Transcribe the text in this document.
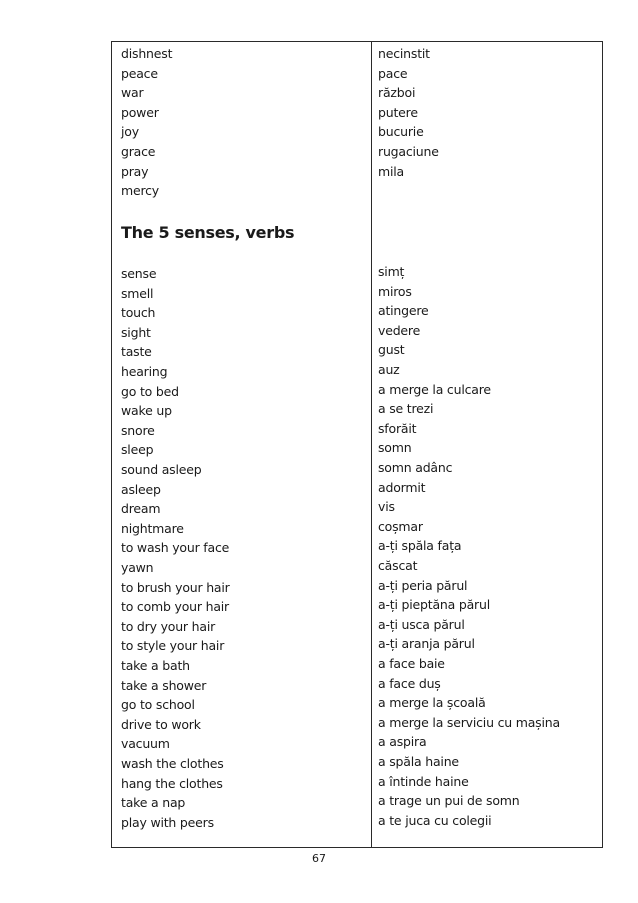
dishnest
peace
war
power
joy
grace
pray
mercy
sense
smell
touch
sight
taste
hearing
go to bed
wake up
snore
sleep
sound asleep
asleep
dream
nightmare
to wash your face
yawn
to brush your hair
to comb your hair
to dry your hair
to style your hair
take a bath
take a shower
go to school
drive to work
vacuum
wash the clothes
hang the clothes
take a nap
play with peers
necinstit
pace
război
putere
bucurie
rugaciune
mila
simț
miros
atingere
vedere
gust
auz
a merge la culcare
a se trezi
sforăit
somn
somn adânc
adormit
vis
coșmar
a-ți spăla fața
căscat
a-ți peria părul
a-ți pieptăna părul
a-ți usca părul
a-ți aranja părul
a face baie
a face duș
a merge la școală
a merge la serviciu cu mașina
a aspira
a spăla haine
a întinde haine
a trage un pui de somn
a te juca cu colegii
The 5 senses, verbs
67
